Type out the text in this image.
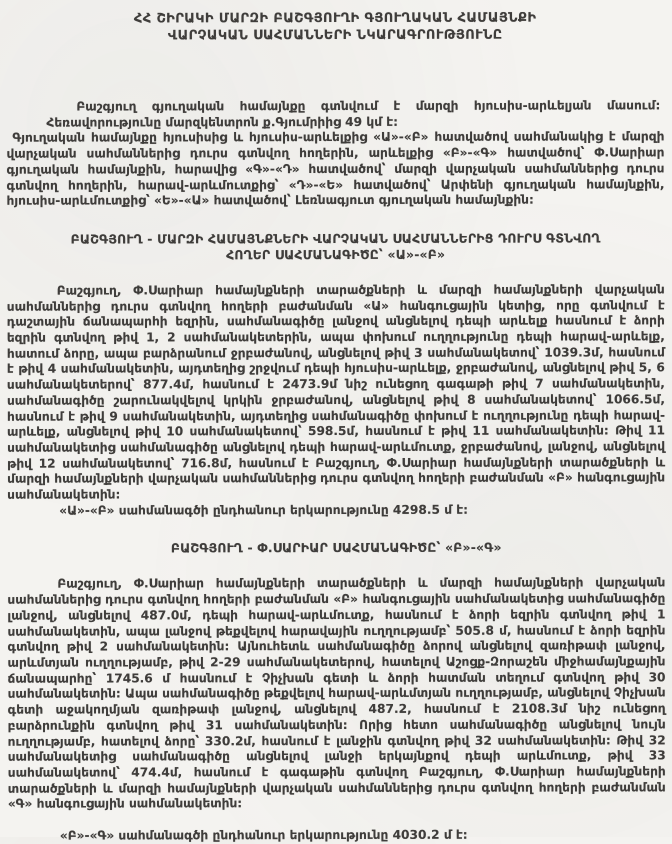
ՀՀ ՇԻՐԱԿԻ ՄԱՐԶԻ ԲԱՇԳՅՈՒՂԻ ԳՅՈՒՂԱԿԱՆ ՀԱՄԱՅՆՔԻ ՎԱՐՉԱԿԱՆ ՍԱՀՄԱՆՆԵՐԻ ՆԿԱՐԱԳՐՈՒԹՅՈՒՆԸ

Բաշգյուղ գյուղական համայնքը գտնվում է մարզի հյուսիս-արևելյան մասում: Հեռավորությունը մարզկենտրոն ք.Գյումրիից 49 կմ է:

Գյուղական համայնքը հյուսիսից և հյուսիս-արևելքից «Ա»-«Բ» հատվածով սահմանակից է մարզի վարչական սահմաններից դուրս գտնվող հողերին, արևելքից «Բ»-«Գ» հատվածով՝ Փ.Սարիար գյուղական համայնքին, հարավից «Գ»-«Դ» հատվածով՝ մարզի վարչական սահմաններից դուրս գտնվող հողերին, հարավ-արևմուտքից՝ «Դ»-«Ե» հատվածով՝ Արփենի գյուղական համայնքին, հյուսիս-արևմուտքից՝ «Ե»-«Ա» հատվածով՝ Լեռնագյուտ գյուղական համայնքին:

ԲԱՇԳՅՈՒՂ - ՄԱՐԶԻ ՀԱՄԱՅՆՔՆԵՐԻ ՎԱՐՉԱԿԱՆ ՍԱՀՄԱՆՆԵՐԻՑ ԴՈՒՐՍ ԳՏՆՎՈՂ ՀՈՂԵՐ ՍԱՀՄԱՆԱԳԻԾԸ՝ «Ա»-«Բ»

Բաշգյուղ, Փ.Սարիար համայնքների տարածքների և մարզի համայնքների վարչական սահմաններից դուրս գտնվող հողերի բաժանման «Ա» հանգուցային կետից, որը գտնվում է դաշտային ճանապարհի եզրին, սահմանագիծը լանջով անցնելով դեպի արևելք հասնում է ձորի եզրին գտնվող թիվ 1, 2 սահմանակետերին, ապա փոխում ուղղությունը դեպի հարավ-արևելք, հատում ձորը, ապա բարձրանում ջրբաժանով, անցնելով թիվ 3 սահմանակետով՝ 1039.3մ, հասնում է թիվ 4 սահմանակետին, այդտեղից շրջվում դեպի հյուսիս-արևելք, ջրբաժանով, անցնելով թիվ 5, 6 սահմանակետերով՝ 877.4մ, հասնում է 2473.9մ նիշ ունեցող գագաթի թիվ 7 սահմանակետին, սահմանագիծը շարունակվելով կրկին ջրբաժանով, անցնելով թիվ 8 սահմանակետով՝ 1066.5մ, հասնում է թիվ 9 սահմանակետին, այդտեղից սահմանագիծը փոխում է ուղղությունը դեպի հարավ-արևելք, անցնելով թիվ 10 սահմանակետով՝ 598.5մ, հասնում է թիվ 11 սահմանակետին: Թիվ 11 սահմանակետից սահմանագիծը անցնելով դեպի հարավ-արևմուտք, ջրբաժանով, լանջով, անցնելով թիվ 12 սահմանակետով՝ 716.8մ, հասնում է Բաշգյուղ, Փ.Սարիար համայնքների տարածքների և մարզի համայնքների վարչական սահմաններից դուրս գտնվող հողերի բաժանման «Բ» հանգուցային սահմանակետին:

«Ա»-«Բ» սահմանագծի ընդհանուր երկարությունը 4298.5 մ է:

ԲԱՇԳՅՈՒՂ - Փ.ՍԱՐԻԱՐ ՍԱՀՄԱՆԱԳԻԾԸ՝ «Բ»-«Գ»

Բաշգյուղ, Փ.Սարիար համայնքների տարածքների և մարզի համայնքների վարչական սահմաններից դուրս գտնվող հողերի բաժանման «Բ» հանգուցային սահմանակետից սահմանագիծը լանջով, անցնելով 487.0մ, դեպի հարավ-արևմուտք, հասնում է ձորի եզրին գտնվող թիվ 1 սահմանակետին, ապա լանջով թեքվելով հարավային ուղղությամբ՝ 505.8 մ, հասնում է ձորի եզրին գտնվող թիվ 2 սահմանակետին: Այնուհետև սահմանագիծը ձորով անցնելով զառիթափ լանջով, արևմտյան ուղղությամբ, թիվ 2-29 սահմանակետերով, հատելով Աշոցք-Զորաշեն միջհամայնքային ճանապարհը՝ 1745.6 մ հասնում է Չիչխան գետի և ձորի հատման տեղում գտնվող թիվ 30 սահմանակետին: Ապա սահմանագիծը թեքվելով հարավ-արևմտյան ուղղությամբ, անցնելով Չիչխան գետի աջակողմյան զառիթափ լանջով, անցնելով 487.2, հասնում է 2108.3մ նիշ ունեցող բարձրունքին գտնվող թիվ 31 սահմանակետին: Որից հետո սահմանագիծը անցնելով նույն ուղղությամբ, հատելով ձորը՝ 330.2մ, հասնում է լանջին գտնվող թիվ 32 սահմանակետին: Թիվ 32 սահմանակետից սահմանագիծը անցնելով լանջի երկայնքով դեպի արևմուտք, թիվ 33 սահմանակետով՝ 474.4մ, հասնում է գագաթին գտնվող Բաշգյուղ, Փ.Սարիար համայնքների տարածքների և մարզի համայնքների վարչական սահմաններից դուրս գտնվող հողերի բաժանման «Գ» հանգուցային սահմանակետին:

«Բ»-«Գ» սահմանագծի ընդհանուր երկարությունը 4030.2 մ է:
